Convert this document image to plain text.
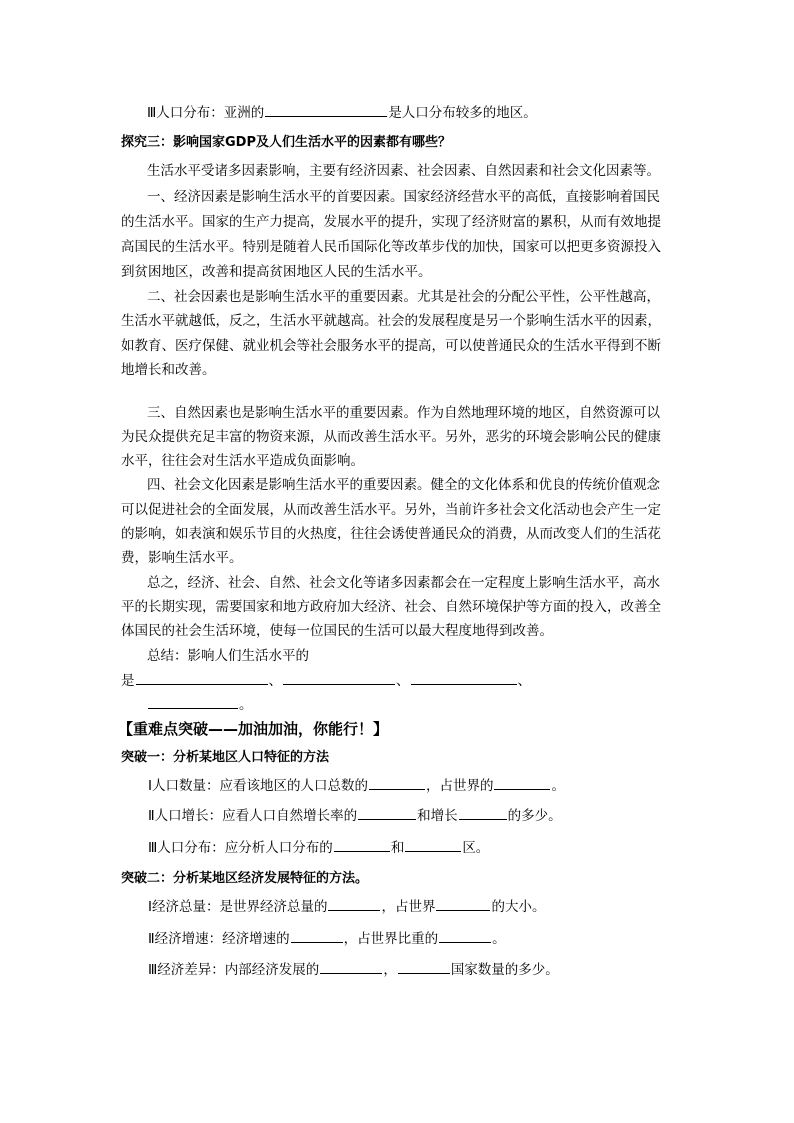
Ⅲ人口分布：亚洲的	是人口分布较多的地区。
探究三：影响国家GDP及人们生活水平的因素都有哪些？
生活水平受诸多因素影响，主要有经济因素、社会因素、自然因素和社会文化因素等。
一、经济因素是影响生活水平的首要因素。国家经济经营水平的高低，直接影响着国民
的生活水平。国家的生产力提高，发展水平的提升，实现了经济财富的累积，从而有效地提
高国民的生活水平。特别是随着人民币国际化等改革步伐的加快，国家可以把更多资源投入
到贫困地区，改善和提高贫困地区人民的生活水平。
二、社会因素也是影响生活水平的重要因素。尤其是社会的分配公平性，公平性越高，
生活水平就越低，反之，生活水平就越高。社会的发展程度是另一个影响生活水平的因素，
如教育、医疗保健、就业机会等社会服务水平的提高，可以使普通民众的生活水平得到不断
地增长和改善。
三、自然因素也是影响生活水平的重要因素。作为自然地理环境的地区，自然资源可以
为民众提供充足丰富的物资来源，从而改善生活水平。另外，恶劣的环境会影响公民的健康
水平，往往会对生活水平造成负面影响。
四、社会文化因素是影响生活水平的重要因素。健全的文化体系和优良的传统价值观念
可以促进社会的全面发展，从而改善生活水平。另外，当前许多社会文化活动也会产生一定
的影响，如表演和娱乐节目的火热度，往往会诱使普通民众的消费，从而改变人们的生活花
费，影响生活水平。
总之，经济、社会、自然、社会文化等诸多因素都会在一定程度上影响生活水平，高水
平的长期实现，需要国家和地方政府加大经济、社会、自然环境保护等方面的投入，改善全
体国民的社会生活环境，使每一位国民的生活可以最大程度地得到改善。
总结：影响人们生活水平的
是	、	、	、
。
【重难点突破——加油加油，你能行！】
突破一：分析某地区人口特征的方法
Ⅰ人口数量：应看该地区的人口总数的	，占世界的	。
Ⅱ人口增长：应看人口自然增长率的	和增长	的多少。
Ⅲ人口分布：应分析人口分布的	和	区。
突破二：分析某地区经济发展特征的方法。
Ⅰ经济总量：是世界经济总量的	，占世界	的大小。
Ⅱ经济增速：经济增速的	，占世界比重的	。
Ⅲ经济差异：内部经济发展的	，	国家数量的多少。
